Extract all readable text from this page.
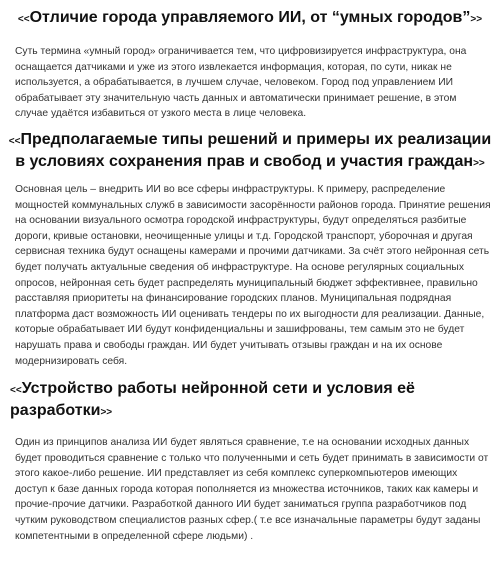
<<Отличие города управляемого ИИ, от “умных городов”>>

Суть термина «умный город» ограничивается тем, что цифровизируется инфраструктура, она оснащается датчиками и уже из этого извлекается информация, которая, по сути, никак не используется, а обрабатывается, в лучшем случае, человеком. Город под управлением ИИ обрабатывает эту значительную часть данных и автоматически принимает решение, в этом случае удаётся избавиться от узкого места в лице человека.

<<Предполагаемые типы решений и примеры их реализации в условиях сохранения прав и свобод и участия граждан>>

Основная цель – внедрить ИИ во все сферы инфраструктуры. К примеру, распределение мощностей коммунальных служб в зависимости засорённости районов города. Принятие решения на основании визуального осмотра городской инфраструктуры, будут определяться разбитые дороги, кривые остановки, неочищенные улицы и т.д. Городской транспорт, уборочная и другая сервисная техника будут оснащены камерами и прочими датчиками. За счёт этого нейронная сеть будет получать актуальные сведения об инфраструктуре. На основе регулярных социальных опросов, нейронная сеть будет распределять муниципальный бюджет эффективнее, правильно расставляя приоритеты на финансирование городских планов. Муниципальная подрядная платформа даст возможность ИИ оценивать тендеры по их выгодности для реализации. Данные, которые обрабатывает ИИ будут конфиденциальны и зашифрованы, тем самым это не будет нарушать права и свободы граждан. ИИ будет учитывать отзывы граждан и на их основе модернизировать себя.

<<Устройство работы нейронной сети и условия её разработки>>

Один из принципов анализа ИИ будет являться сравнение, т.е на основании исходных данных будет проводиться сравнение с только что полученными и сеть будет принимать в зависимости от этого какое-либо решение. ИИ представляет из себя комплекс суперкомпьютеров имеющих доступ к базе данных города которая пополняется из множества источников, таких как камеры и прочие-прочие датчики. Разработкой данного ИИ будет заниматься группа разработчиков под чутким руководством специалистов разных сфер.( т.е все изначальные параметры будут заданы компетентными в определенной сфере людьми) .
